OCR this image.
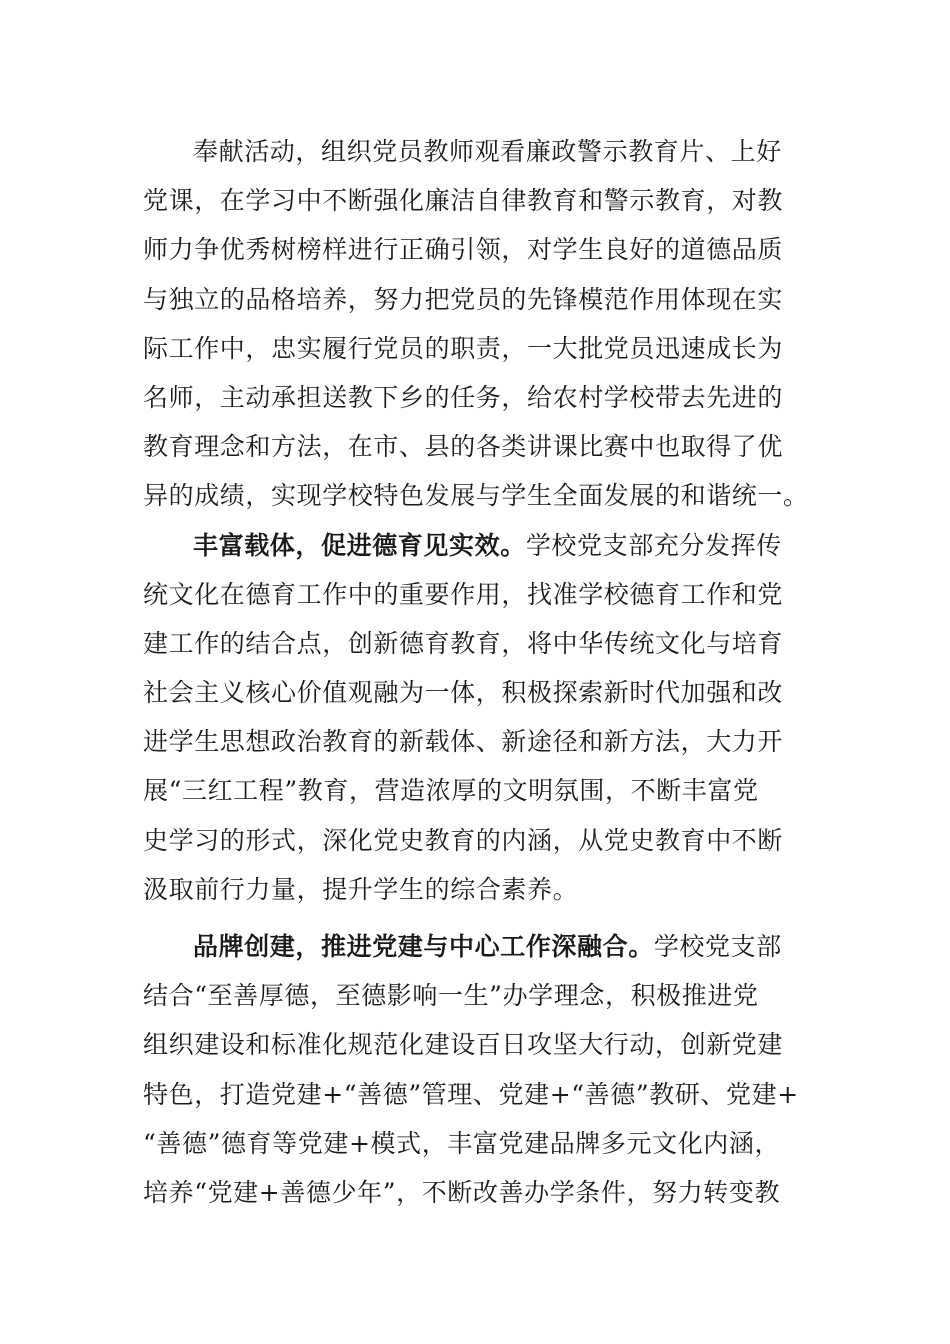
奉献活动，组织党员教师观看廉政警示教育片、上好
党课，在学习中不断强化廉洁自律教育和警示教育，对教
师力争优秀树榜样进行正确引领，对学生良好的道德品质
与独立的品格培养，努力把党员的先锋模范作用体现在实
际工作中，忠实履行党员的职责，一大批党员迅速成长为
名师，主动承担送教下乡的任务，给农村学校带去先进的
教育理念和方法，在市、县的各类讲课比赛中也取得了优
异的成绩，实现学校特色发展与学生全面发展的和谐统一。
丰富载体，促进德育见实效。学校党支部充分发挥传
统文化在德育工作中的重要作用，找准学校德育工作和党
建工作的结合点，创新德育教育，将中华传统文化与培育
社会主义核心价值观融为一体，积极探索新时代加强和改
进学生思想政治教育的新载体、新途径和新方法，大力开
展“三红工程”教育，营造浓厚的文明氛围，不断丰富党
史学习的形式，深化党史教育的内涵，从党史教育中不断
汲取前行力量，提升学生的综合素养。
品牌创建，推进党建与中心工作深融合。学校党支部
结合“至善厚德，至德影响一生”办学理念，积极推进党
组织建设和标准化规范化建设百日攻坚大行动，创新党建
特色，打造党建+“善德”管理、党建+“善德”教研、党建+
“善德”德育等党建+模式，丰富党建品牌多元文化内涵，
培养“党建+善德少年”，不断改善办学条件，努力转变教
